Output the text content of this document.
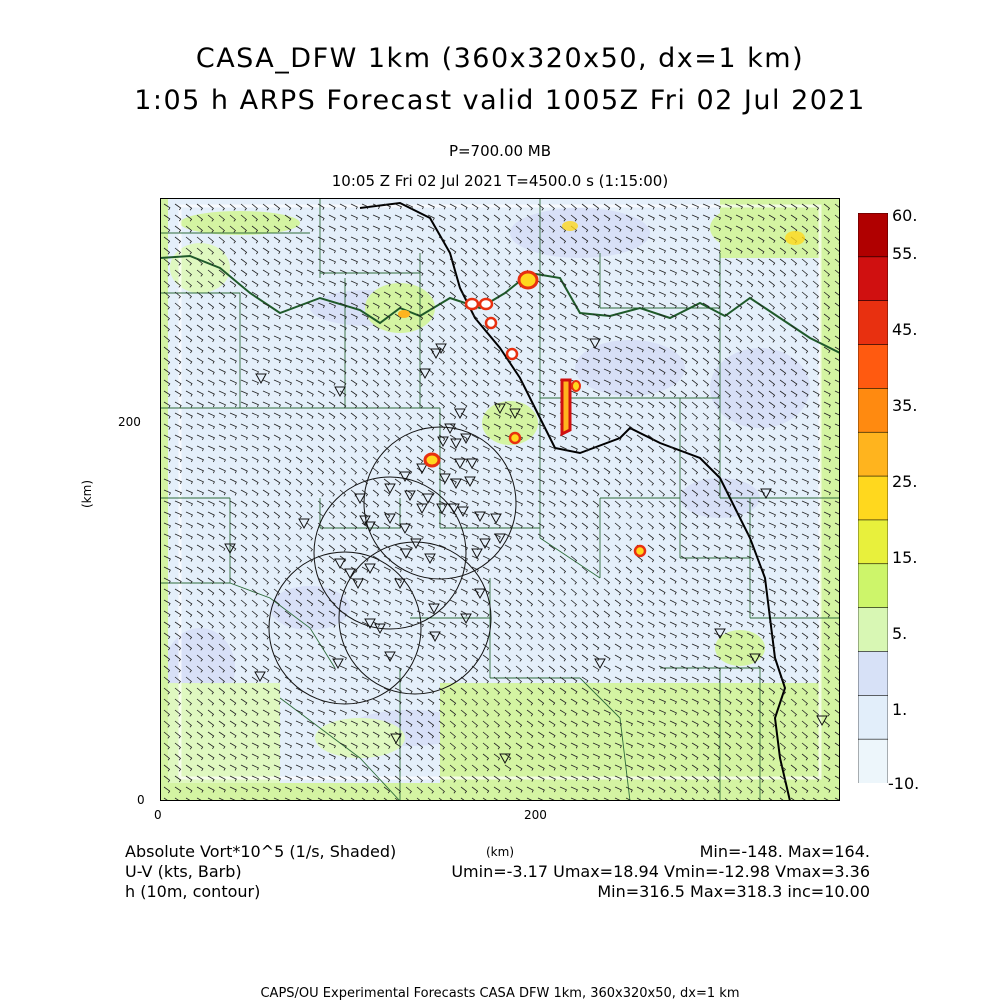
CASA_DFW 1km (360x320x50, dx=1 km)
1:05 h ARPS Forecast valid 1005Z Fri 02 Jul 2021
P=700.00 MB
10:05 Z Fri 02 Jul 2021 T=4500.0 s (1:15:00)
200
0
(km)
0	200
(km)
60.
55.
45.
35.
25.
15.
5.
1.
-10.
Absolute Vort*10^5 (1/s, Shaded)	Min=-148. Max=164.
U-V (kts, Barb)	Umin=-3.17 Umax=18.94 Vmin=-12.98 Vmax=3.36
h (10m, contour)	Min=316.5 Max=318.3 inc=10.00
CAPS/OU Experimental Forecasts CASA DFW 1km, 360x320x50, dx=1 km
